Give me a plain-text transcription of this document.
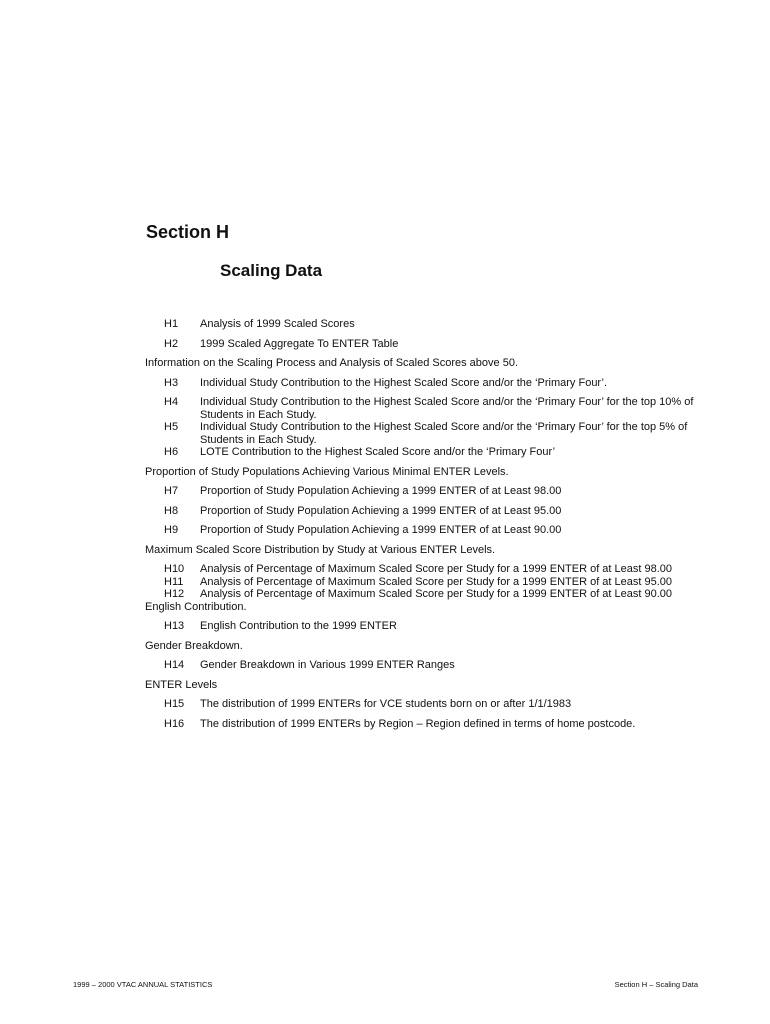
Section H
Scaling Data
H1	Analysis of 1999 Scaled Scores
H2	1999 Scaled Aggregate To ENTER Table

Information on the Scaling Process and Analysis of Scaled Scores above 50.

H3	Individual Study Contribution to the Highest Scaled Score and/or the ‘Primary Four’.
H4	Individual Study Contribution to the Highest Scaled Score and/or the ‘Primary Four’ for the top 10% of Students in Each Study.
H5	Individual Study Contribution to the Highest Scaled Score and/or the ‘Primary Four’ for the top 5% of Students in Each Study.
H6	LOTE Contribution to the Highest Scaled Score and/or the ‘Primary Four’

Proportion of Study Populations Achieving Various Minimal ENTER Levels.

H7	Proportion of Study Population Achieving a 1999 ENTER of at Least 98.00
H8	Proportion of Study Population Achieving a 1999 ENTER of at Least 95.00
H9	Proportion of Study Population Achieving a 1999 ENTER of at Least 90.00

Maximum Scaled Score Distribution by Study at Various ENTER Levels.

H10	Analysis of Percentage of Maximum Scaled Score per Study for a 1999 ENTER of at Least 98.00
H11	Analysis of Percentage of Maximum Scaled Score per Study for a 1999 ENTER of at Least 95.00
H12	Analysis of Percentage of Maximum Scaled Score per Study for a 1999 ENTER of at Least 90.00

English Contribution.

H13	English Contribution to the 1999 ENTER

Gender Breakdown.

H14	Gender Breakdown in Various 1999 ENTER Ranges

ENTER Levels

H15	The distribution of 1999 ENTERs for VCE students born on or after 1/1/1983
H16	The distribution of 1999 ENTERs by Region – Region defined in terms of home postcode.
1999 – 2000 VTAC ANNUAL STATISTICS	Section H – Scaling Data
